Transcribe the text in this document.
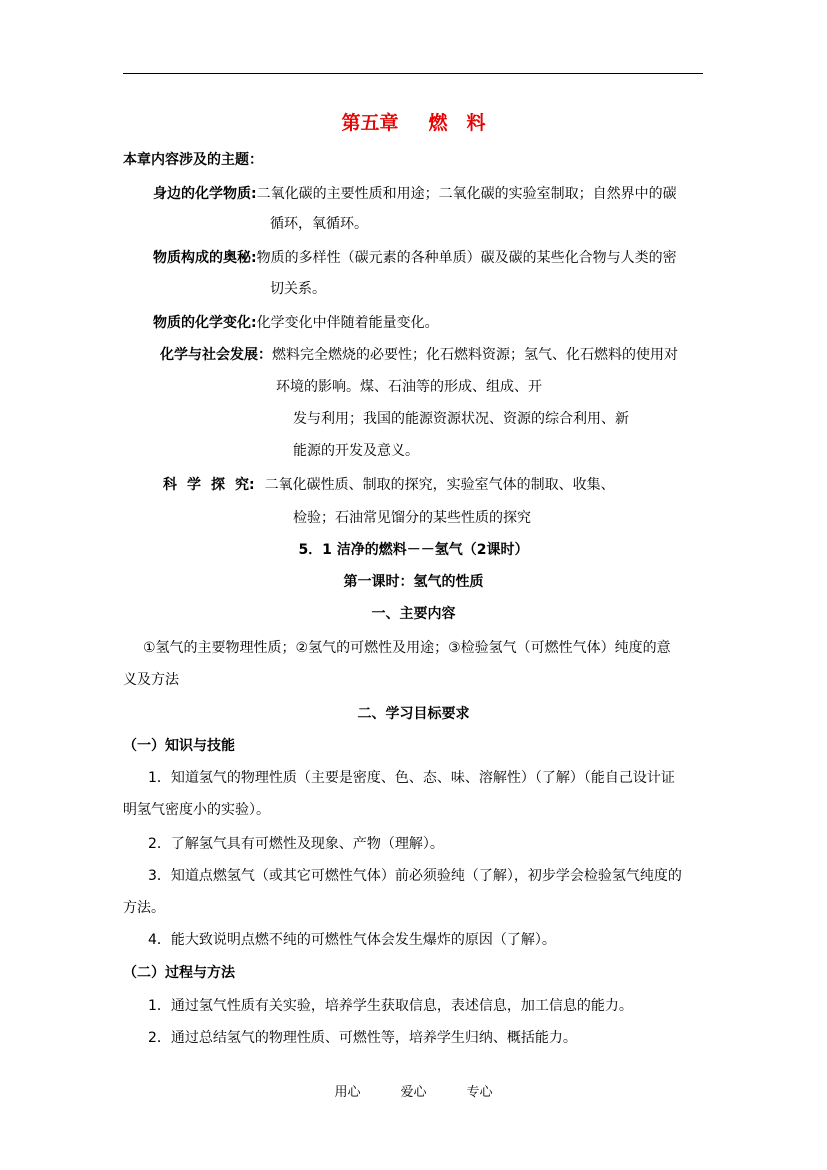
第五章 燃　料
本章内容涉及的主题：
身边的化学物质:二氧化碳的主要性质和用途；二氧化碳的实验室制取；自然界中的碳
循环，氧循环。
物质构成的奥秘:物质的多样性（碳元素的各种单质）碳及碳的某些化合物与人类的密
切关系。
物质的化学变化:化学变化中伴随着能量变化。
化学与社会发展：燃料完全燃烧的必要性；化石燃料资源；氢气、化石燃料的使用对
环境的影响。煤、石油等的形成、组成、开
发与利用；我国的能源资源状况、资源的综合利用、新
能源的开发及意义。
科 学 探 究: 二氧化碳性质、制取的探究，实验室气体的制取、收集、
检验；石油常见馏分的某些性质的探究
5．1 洁净的燃料－－氢气（2课时）
第一课时：氢气的性质
一、主要内容
①氢气的主要物理性质；②氢气的可燃性及用途；③检验氢气（可燃性气体）纯度的意
义及方法
二、学习目标要求
（一）知识与技能
1．知道氢气的物理性质（主要是密度、色、态、味、溶解性）（了解）（能自己设计证
明氢气密度小的实验）。
2．了解氢气具有可燃性及现象、产物（理解）。
3．知道点燃氢气（或其它可燃性气体）前必须验纯（了解），初步学会检验氢气纯度的
方法。
4．能大致说明点燃不纯的可燃性气体会发生爆炸的原因（了解）。
（二）过程与方法
1．通过氢气性质有关实验，培养学生获取信息，表述信息，加工信息的能力。
2．通过总结氢气的物理性质、可燃性等，培养学生归纳、概括能力。
用心	爱心	专心
